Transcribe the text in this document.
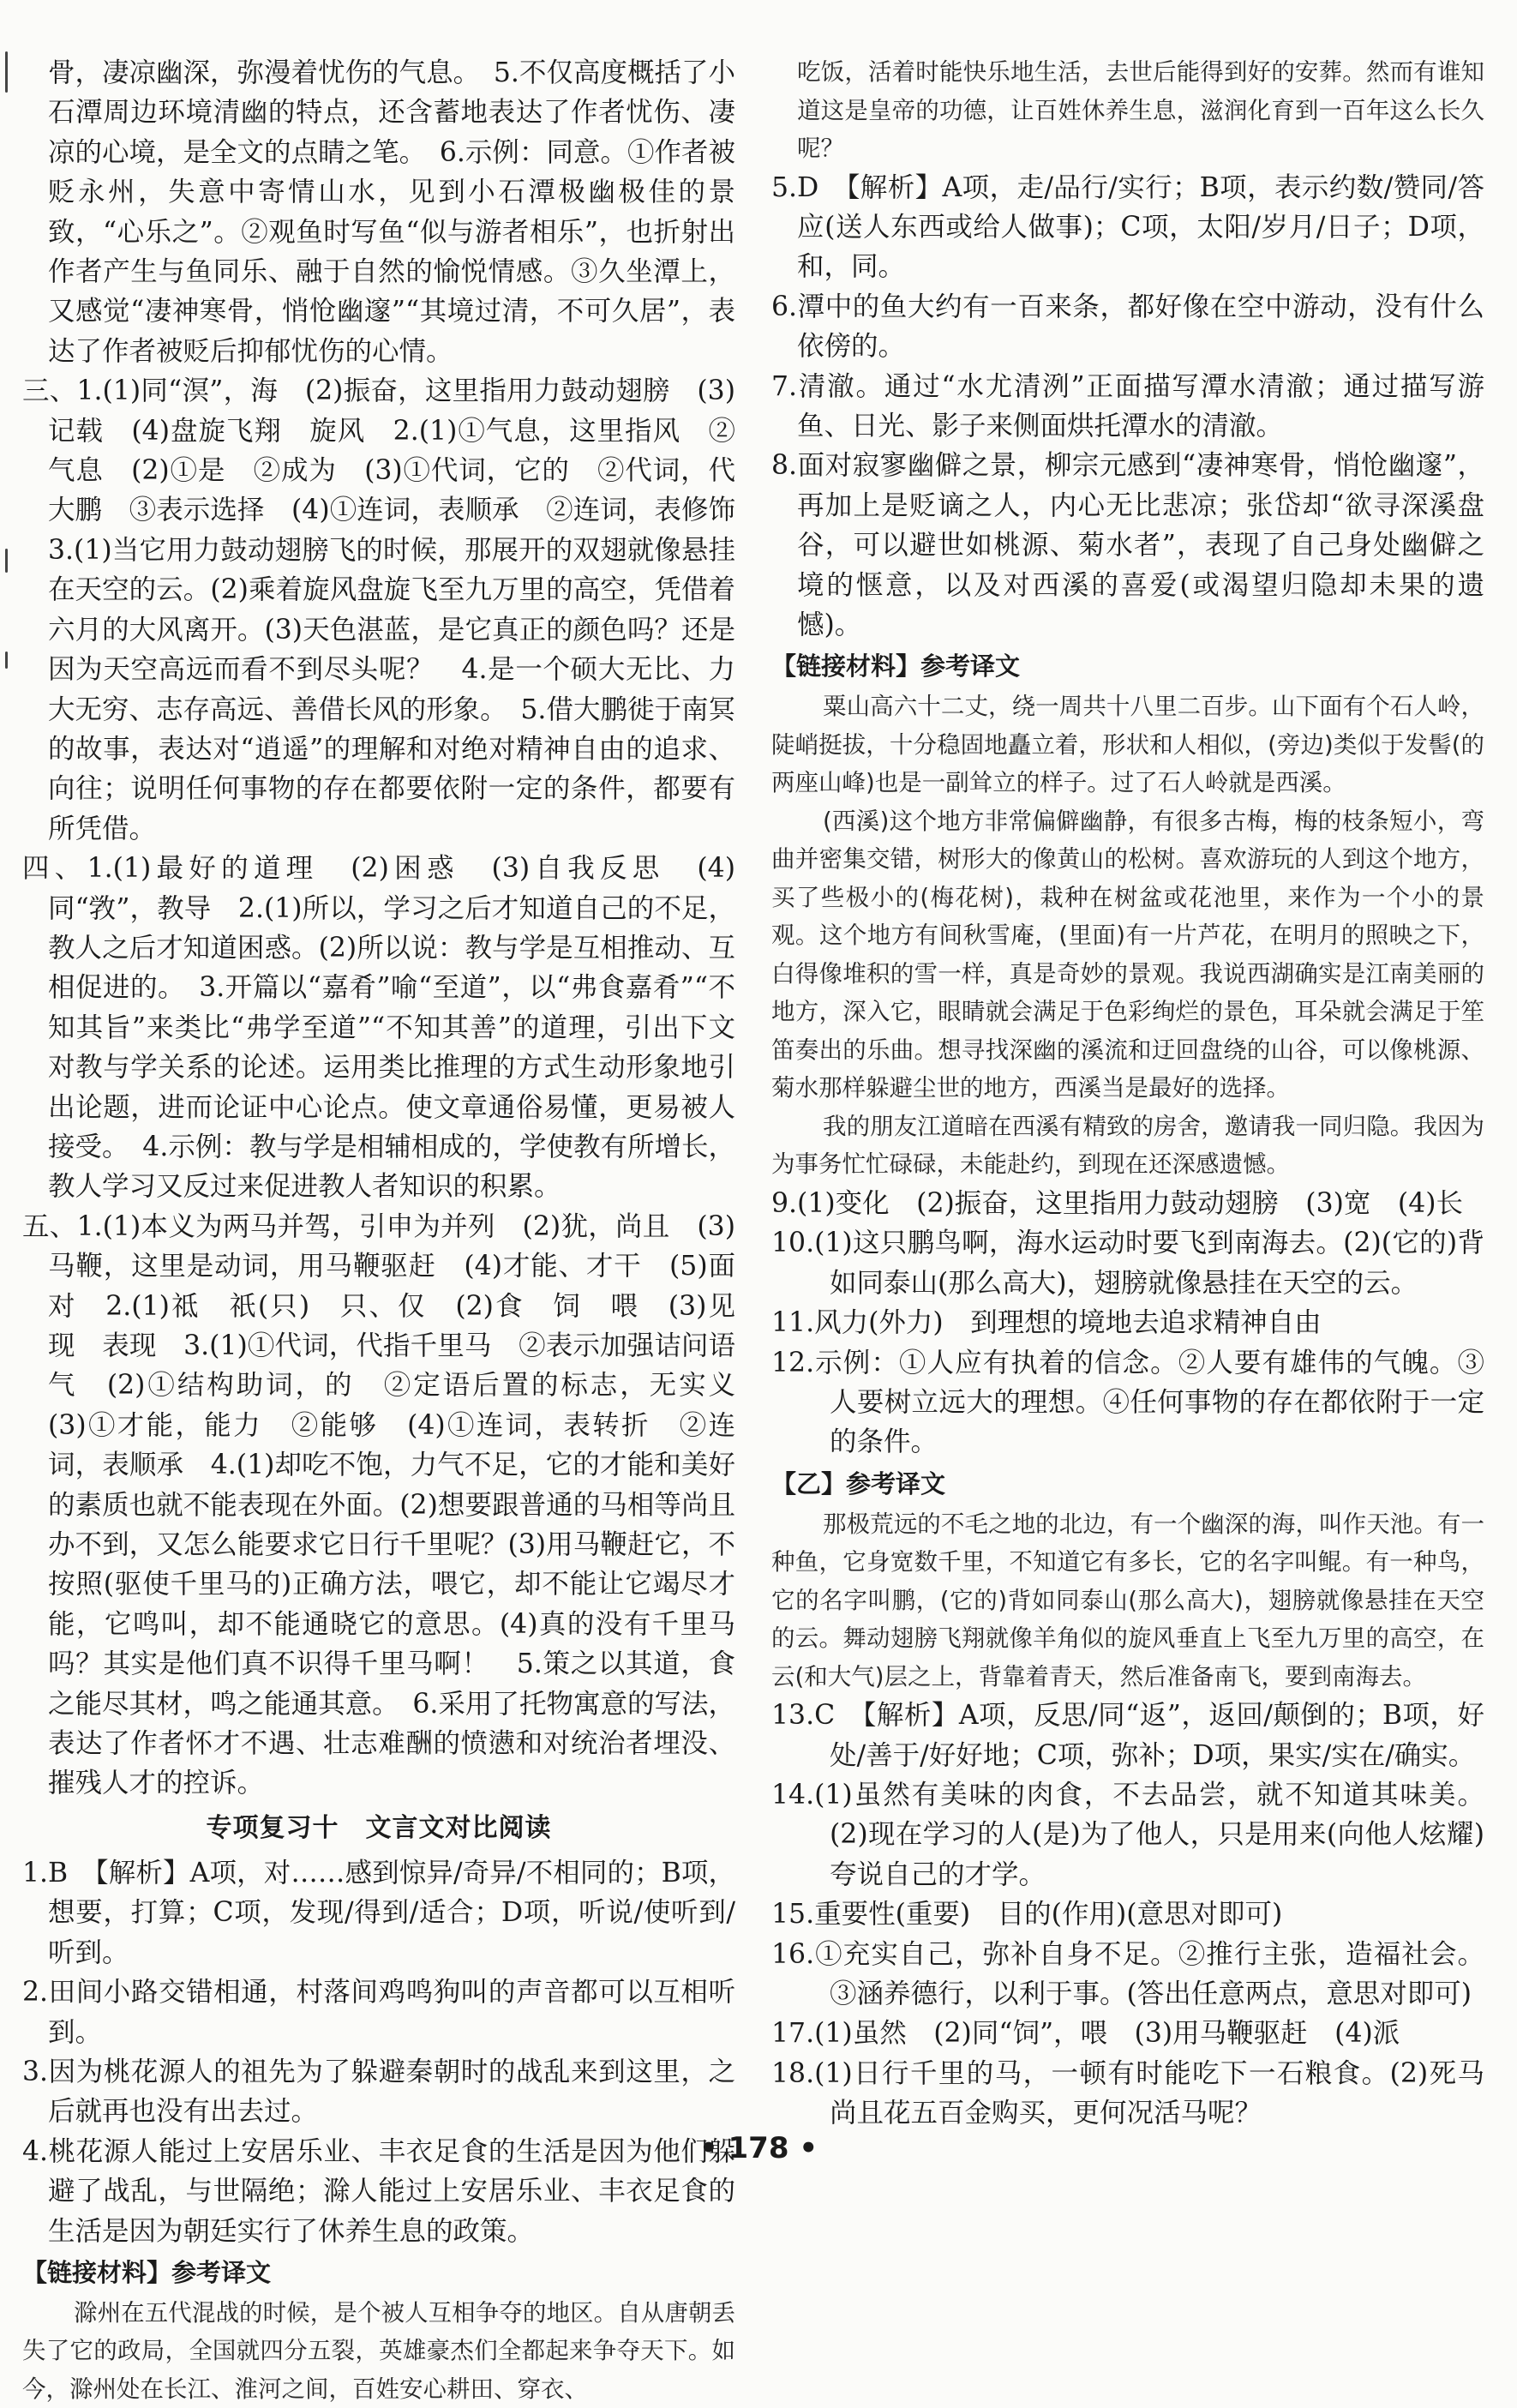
骨，凄凉幽深，弥漫着忧伤的气息。　5.不仅高度概括了小石潭周边环境清幽的特点，还含蓄地表达了作者忧伤、凄凉的心境，是全文的点睛之笔。　6.示例：同意。①作者被贬永州，失意中寄情山水，见到小石潭极幽极佳的景致，“心乐之”。②观鱼时写鱼“似与游者相乐”，也折射出作者产生与鱼同乐、融于自然的愉悦情感。③久坐潭上，又感觉“凄神寒骨，悄怆幽邃”“其境过清，不可久居”，表达了作者被贬后抑郁忧伤的心情。

三、1.(1)同“溟”，海　(2)振奋，这里指用力鼓动翅膀　(3)记载　(4)盘旋飞翔　旋风　2.(1)①气息，这里指风　②气息　(2)①是　②成为　(3)①代词，它的　②代词，代大鹏　③表示选择　(4)①连词，表顺承　②连词，表修饰　3.(1)当它用力鼓动翅膀飞的时候，那展开的双翅就像悬挂在天空的云。(2)乘着旋风盘旋飞至九万里的高空，凭借着六月的大风离开。(3)天色湛蓝，是它真正的颜色吗？还是因为天空高远而看不到尽头呢？　4.是一个硕大无比、力大无穷、志存高远、善借长风的形象。　5.借大鹏徙于南冥的故事，表达对“逍遥”的理解和对绝对精神自由的追求、向往；说明任何事物的存在都要依附一定的条件，都要有所凭借。

四、1.(1)最好的道理　(2)困惑　(3)自我反思　(4)同“敩”，教导　2.(1)所以，学习之后才知道自己的不足，教人之后才知道困惑。(2)所以说：教与学是互相推动、互相促进的。　3.开篇以“嘉肴”喻“至道”，以“弗食嘉肴”“不知其旨”来类比“弗学至道”“不知其善”的道理，引出下文对教与学关系的论述。运用类比推理的方式生动形象地引出论题，进而论证中心论点。使文章通俗易懂，更易被人接受。　4.示例：教与学是相辅相成的，学使教有所增长，教人学习又反过来促进教人者知识的积累。

五、1.(1)本义为两马并驾，引申为并列　(2)犹，尚且　(3)马鞭，这里是动词，用马鞭驱赶　(4)才能、才干　(5)面对　2.(1)祗　祇(只)　只、仅　(2)食　饲　喂　(3)见　现　表现　3.(1)①代词，代指千里马　②表示加强诘问语气　(2)①结构助词，的　②定语后置的标志，无实义　(3)①才能，能力　②能够　(4)①连词，表转折　②连词，表顺承　4.(1)却吃不饱，力气不足，它的才能和美好的素质也就不能表现在外面。(2)想要跟普通的马相等尚且办不到，又怎么能要求它日行千里呢？(3)用马鞭赶它，不按照(驱使千里马的)正确方法，喂它，却不能让它竭尽才能，它鸣叫，却不能通晓它的意思。(4)真的没有千里马吗？其实是他们真不识得千里马啊！　5.策之以其道，食之能尽其材，鸣之能通其意。　6.采用了托物寓意的写法，表达了作者怀才不遇、壮志难酬的愤懑和对统治者埋没、摧残人才的控诉。

专项复习十　文言文对比阅读

1.B　【解析】A项，对……感到惊异/奇异/不相同的；B项，想要，打算；C项，发现/得到/适合；D项，听说/使听到/听到。

2.田间小路交错相通，村落间鸡鸣狗叫的声音都可以互相听到。

3.因为桃花源人的祖先为了躲避秦朝时的战乱来到这里，之后就再也没有出去过。

4.桃花源人能过上安居乐业、丰衣足食的生活是因为他们躲避了战乱，与世隔绝；滁人能过上安居乐业、丰衣足食的生活是因为朝廷实行了休养生息的政策。

【链接材料】参考译文

滁州在五代混战的时候，是个被人互相争夺的地区。自从唐朝丢失了它的政局，全国就四分五裂，英雄豪杰们全都起来争夺天下。如今，滁州处在长江、淮河之间，百姓安心耕田、穿衣、

吃饭，活着时能快乐地生活，去世后能得到好的安葬。然而有谁知道这是皇帝的功德，让百姓休养生息，滋润化育到一百年这么长久呢？

5.D　【解析】A项，走/品行/实行；B项，表示约数/赞同/答应(送人东西或给人做事)；C项，太阳/岁月/日子；D项，和，同。

6.潭中的鱼大约有一百来条，都好像在空中游动，没有什么依傍的。

7.清澈。通过“水尤清洌”正面描写潭水清澈；通过描写游鱼、日光、影子来侧面烘托潭水的清澈。

8.面对寂寥幽僻之景，柳宗元感到“凄神寒骨，悄怆幽邃”，再加上是贬谪之人，内心无比悲凉；张岱却“欲寻深溪盘谷，可以避世如桃源、菊水者”，表现了自己身处幽僻之境的惬意，以及对西溪的喜爱(或渴望归隐却未果的遗憾)。

【链接材料】参考译文

粟山高六十二丈，绕一周共十八里二百步。山下面有个石人岭，陡峭挺拔，十分稳固地矗立着，形状和人相似，(旁边)类似于发髻(的两座山峰)也是一副耸立的样子。过了石人岭就是西溪。

(西溪)这个地方非常偏僻幽静，有很多古梅，梅的枝条短小，弯曲并密集交错，树形大的像黄山的松树。喜欢游玩的人到这个地方，买了些极小的(梅花树)，栽种在树盆或花池里，来作为一个小的景观。这个地方有间秋雪庵，(里面)有一片芦花，在明月的照映之下，白得像堆积的雪一样，真是奇妙的景观。我说西湖确实是江南美丽的地方，深入它，眼睛就会满足于色彩绚烂的景色，耳朵就会满足于笙笛奏出的乐曲。想寻找深幽的溪流和迂回盘绕的山谷，可以像桃源、菊水那样躲避尘世的地方，西溪当是最好的选择。

我的朋友江道暗在西溪有精致的房舍，邀请我一同归隐。我因为为事务忙忙碌碌，未能赴约，到现在还深感遗憾。

9.(1)变化　(2)振奋，这里指用力鼓动翅膀　(3)宽　(4)长

10.(1)这只鹏鸟啊，海水运动时要飞到南海去。(2)(它的)背如同泰山(那么高大)，翅膀就像悬挂在天空的云。

11.风力(外力)　到理想的境地去追求精神自由

12.示例：①人应有执着的信念。②人要有雄伟的气魄。③人要树立远大的理想。④任何事物的存在都依附于一定的条件。

【乙】参考译文

那极荒远的不毛之地的北边，有一个幽深的海，叫作天池。有一种鱼，它身宽数千里，不知道它有多长，它的名字叫鲲。有一种鸟，它的名字叫鹏，(它的)背如同泰山(那么高大)，翅膀就像悬挂在天空的云。舞动翅膀飞翔就像羊角似的旋风垂直上飞至九万里的高空，在云(和大气)层之上，背靠着青天，然后准备南飞，要到南海去。

13.C　【解析】A项，反思/同“返”，返回/颠倒的；B项，好处/善于/好好地；C项，弥补；D项，果实/实在/确实。

14.(1)虽然有美味的肉食，不去品尝，就不知道其味美。(2)现在学习的人(是)为了他人，只是用来(向他人炫耀)夸说自己的才学。

15.重要性(重要)　目的(作用)(意思对即可)

16.①充实自己，弥补自身不足。②推行主张，造福社会。③涵养德行，以利于事。(答出任意两点，意思对即可)

17.(1)虽然　(2)同“饲”，喂　(3)用马鞭驱赶　(4)派

18.(1)日行千里的马，一顿有时能吃下一石粮食。(2)死马尚且花五百金购买，更何况活马呢？

• 178 •
